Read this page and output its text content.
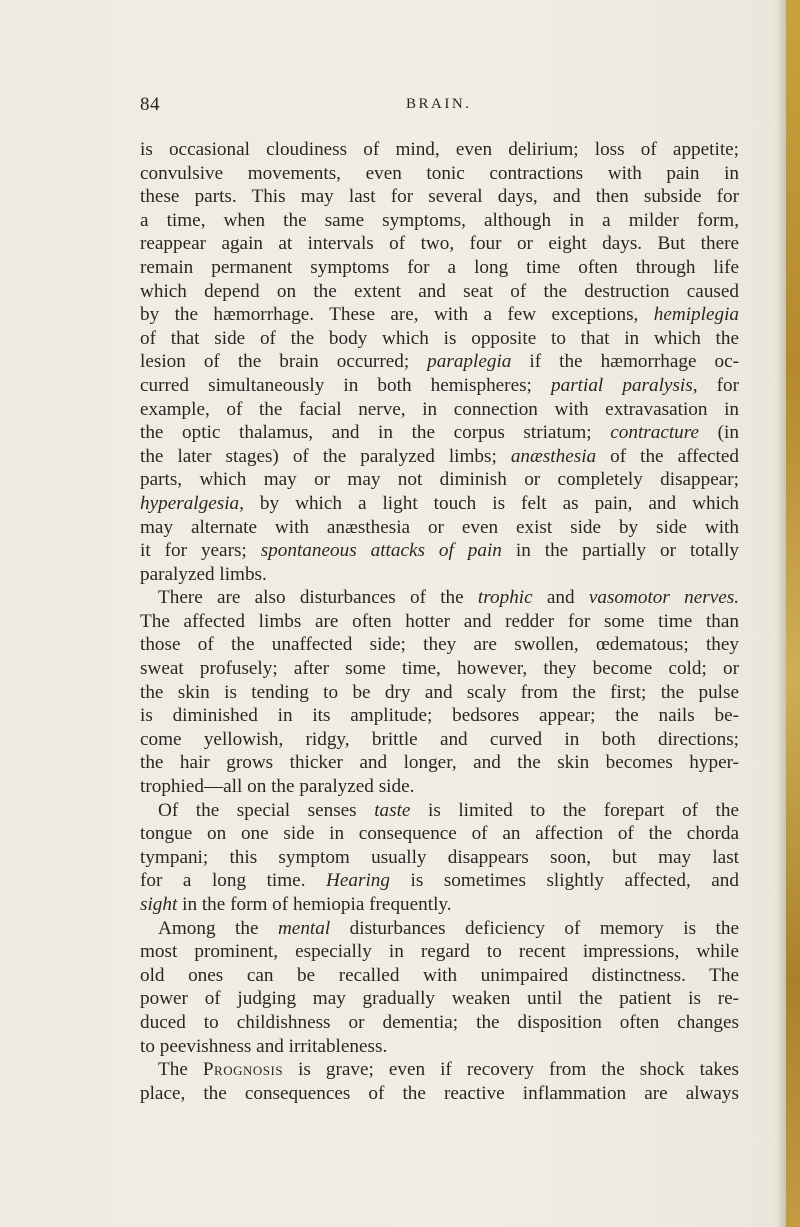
84	BRAIN.
is occasional cloudiness of mind, even delirium; loss of appetite;
convulsive movements, even tonic contractions with pain in
these parts. This may last for several days, and then subside for
a time, when the same symptoms, although in a milder form,
reappear again at intervals of two, four or eight days. But there
remain permanent symptoms for a long time often through life
which depend on the extent and seat of the destruction caused
by the hæmorrhage. These are, with a few exceptions, hemiplegia
of that side of the body which is opposite to that in which the
lesion of the brain occurred; paraplegia if the hæmorrhage oc-
curred simultaneously in both hemispheres; partial paralysis, for
example, of the facial nerve, in connection with extravasation in
the optic thalamus, and in the corpus striatum; contracture (in
the later stages) of the paralyzed limbs; anæsthesia of the affected
parts, which may or may not diminish or completely disappear;
hyperalgesia, by which a light touch is felt as pain, and which
may alternate with anæsthesia or even exist side by side with
it for years; spontaneous attacks of pain in the partially or totally
paralyzed limbs.
There are also disturbances of the trophic and vasomotor nerves.
The affected limbs are often hotter and redder for some time than
those of the unaffected side; they are swollen, œdematous; they
sweat profusely; after some time, however, they become cold; or
the skin is tending to be dry and scaly from the first; the pulse
is diminished in its amplitude; bedsores appear; the nails be-
come yellowish, ridgy, brittle and curved in both directions;
the hair grows thicker and longer, and the skin becomes hyper-
trophied—all on the paralyzed side.
Of the special senses taste is limited to the forepart of the
tongue on one side in consequence of an affection of the chorda
tympani; this symptom usually disappears soon, but may last
for a long time. Hearing is sometimes slightly affected, and
sight in the form of hemiopia frequently.
Among the mental disturbances deficiency of memory is the
most prominent, especially in regard to recent impressions, while
old ones can be recalled with unimpaired distinctness. The
power of judging may gradually weaken until the patient is re-
duced to childishness or dementia; the disposition often changes
to peevishness and irritableness.
The Prognosis is grave; even if recovery from the shock takes
place, the consequences of the reactive inflammation are always
